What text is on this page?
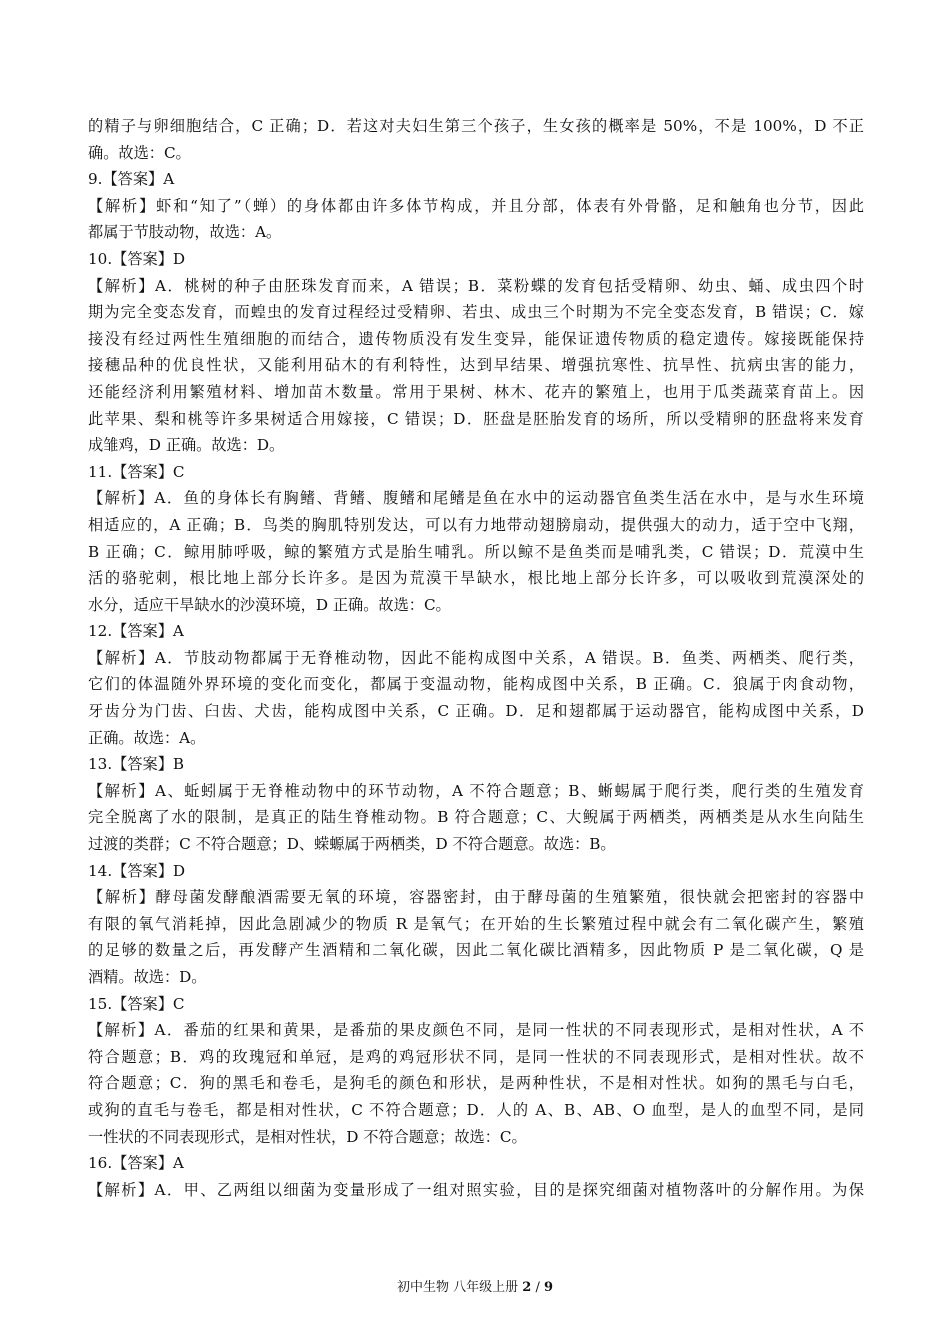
的精子与卵细胞结合，C 正确；D．若这对夫妇生第三个孩子，生女孩的概率是 50%，不是 100%，D 不正
确。故选：C。
9.【答案】A
【解析】虾和“知了”（蝉）的身体都由许多体节构成，并且分部，体表有外骨骼，足和触角也分节，因此
都属于节肢动物，故选：A。
10.【答案】D
【解析】A．桃树的种子由胚珠发育而来，A 错误；B．菜粉蝶的发育包括受精卵、幼虫、蛹、成虫四个时
期为完全变态发育，而蝗虫的发育过程经过受精卵、若虫、成虫三个时期为不完全变态发育，B 错误；C．嫁
接没有经过两性生殖细胞的而结合，遗传物质没有发生变异，能保证遗传物质的稳定遗传。嫁接既能保持
接穗品种的优良性状，又能利用砧木的有利特性，达到早结果、增强抗寒性、抗旱性、抗病虫害的能力，
还能经济利用繁殖材料、增加苗木数量。常用于果树、林木、花卉的繁殖上，也用于瓜类蔬菜育苗上。因
此苹果、梨和桃等许多果树适合用嫁接，C 错误；D．胚盘是胚胎发育的场所，所以受精卵的胚盘将来发育
成雏鸡，D 正确。故选：D。
11.【答案】C
【解析】A．鱼的身体长有胸鳍、背鳍、腹鳍和尾鳍是鱼在水中的运动器官鱼类生活在水中，是与水生环境
相适应的，A 正确；B．鸟类的胸肌特别发达，可以有力地带动翅膀扇动，提供强大的动力，适于空中飞翔，
B 正确；C．鲸用肺呼吸，鲸的繁殖方式是胎生哺乳。所以鲸不是鱼类而是哺乳类，C 错误；D．荒漠中生
活的骆驼刺，根比地上部分长许多。是因为荒漠干旱缺水，根比地上部分长许多，可以吸收到荒漠深处的
水分，适应干旱缺水的沙漠环境，D 正确。故选：C。
12.【答案】A
【解析】A．节肢动物都属于无脊椎动物，因此不能构成图中关系，A 错误。B．鱼类、两栖类、爬行类，
它们的体温随外界环境的变化而变化，都属于变温动物，能构成图中关系，B 正确。C．狼属于肉食动物，
牙齿分为门齿、臼齿、犬齿，能构成图中关系，C 正确。D．足和翅都属于运动器官，能构成图中关系，D
正确。故选：A。
13.【答案】B
【解析】A、蚯蚓属于无脊椎动物中的环节动物，A 不符合题意；B、蜥蜴属于爬行类，爬行类的生殖发育
完全脱离了水的限制，是真正的陆生脊椎动物。B 符合题意；C、大鲵属于两栖类，两栖类是从水生向陆生
过渡的类群；C 不符合题意；D、蝾螈属于两栖类，D 不符合题意。故选：B。
14.【答案】D
【解析】酵母菌发酵酿酒需要无氧的环境，容器密封，由于酵母菌的生殖繁殖，很快就会把密封的容器中
有限的氧气消耗掉，因此急剧减少的物质 R 是氧气；在开始的生长繁殖过程中就会有二氧化碳产生，繁殖
的足够的数量之后，再发酵产生酒精和二氧化碳，因此二氧化碳比酒精多，因此物质 P 是二氧化碳，Q 是
酒精。故选：D。
15.【答案】C
【解析】A．番茄的红果和黄果，是番茄的果皮颜色不同，是同一性状的不同表现形式，是相对性状，A 不
符合题意；B．鸡的玫瑰冠和单冠，是鸡的鸡冠形状不同，是同一性状的不同表现形式，是相对性状。故不
符合题意；C．狗的黑毛和卷毛，是狗毛的颜色和形状，是两种性状，不是相对性状。如狗的黑毛与白毛，
或狗的直毛与卷毛，都是相对性状，C 不符合题意；D．人的 A、B、AB、O 血型，是人的血型不同，是同
一性状的不同表现形式，是相对性状，D 不符合题意；故选：C。
16.【答案】A
【解析】A．甲、乙两组以细菌为变量形成了一组对照实验，目的是探究细菌对植物落叶的分解作用。为保
初中生物 八年级上册 2 / 9
